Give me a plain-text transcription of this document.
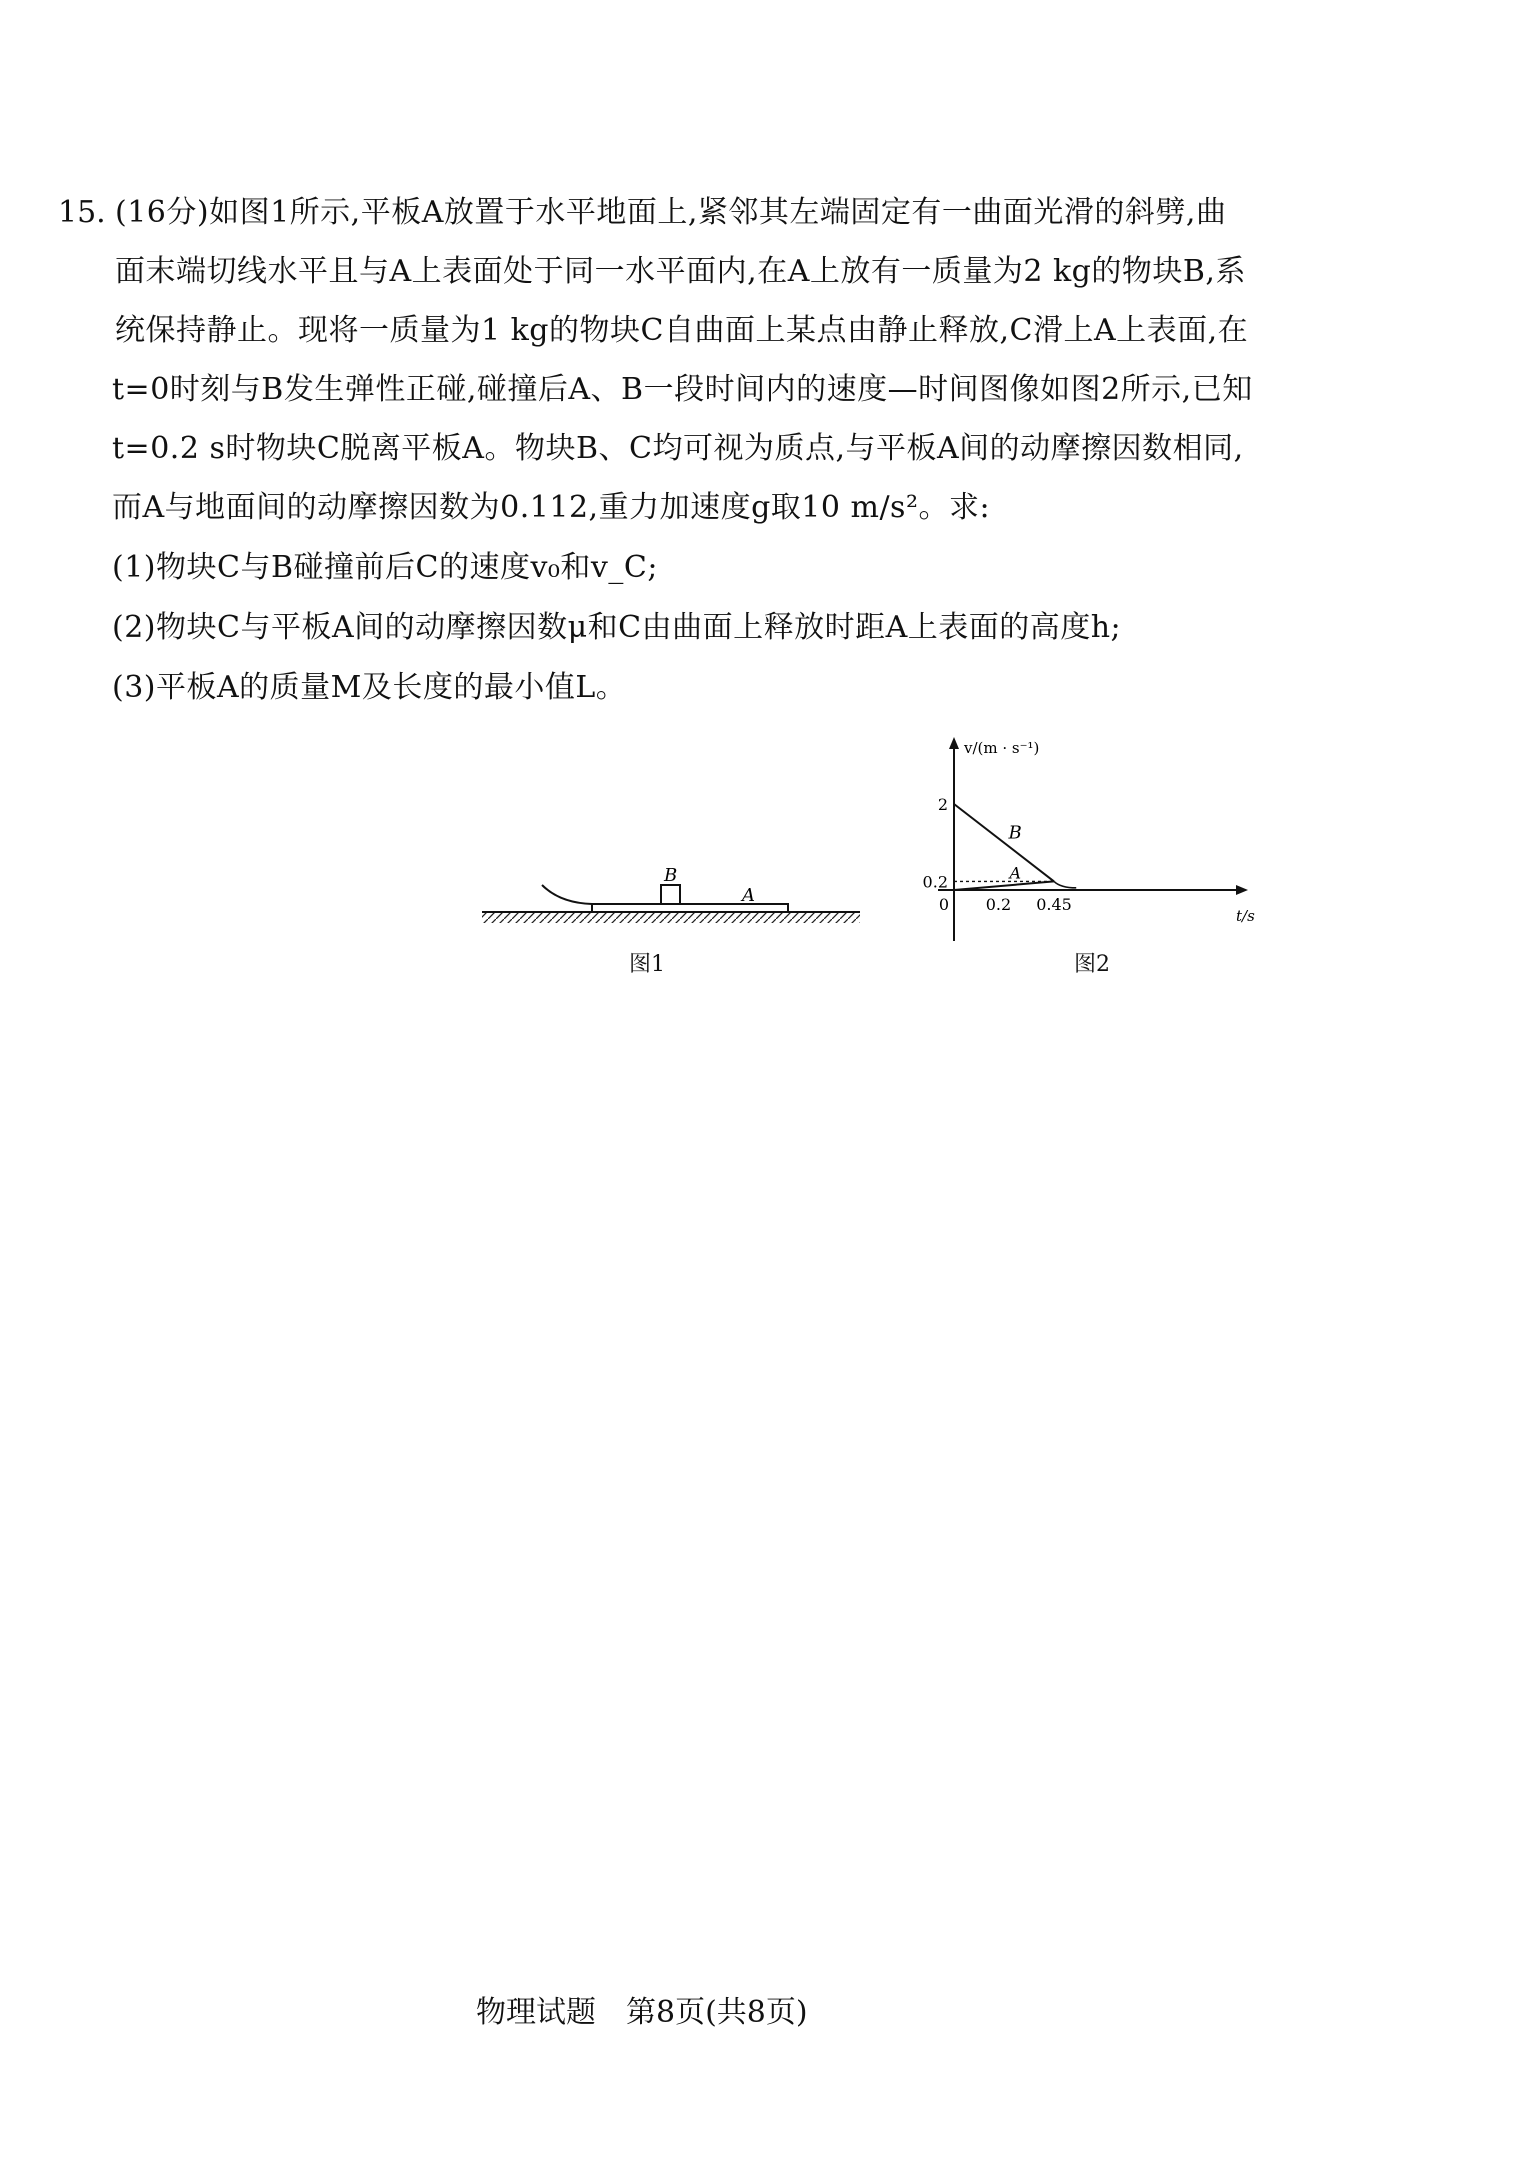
15. (16分)如图1所示,平板A放置于水平地面上,紧邻其左端固定有一曲面光滑的斜劈,曲
面末端切线水平且与A上表面处于同一水平面内,在A上放有一质量为2 kg的物块B,系
统保持静止。现将一质量为1 kg的物块C自曲面上某点由静止释放,C滑上A上表面,在
t=0时刻与B发生弹性正碰,碰撞后A、B一段时间内的速度—时间图像如图2所示,已知
t=0.2 s时物块C脱离平板A。物块B、C均可视为质点,与平板A间的动摩擦因数相同,
而A与地面间的动摩擦因数为0.112,重力加速度g取10 m/s²。求:
(1)物块C与B碰撞前后C的速度v₀和v_C;
(2)物块C与平板A间的动摩擦因数μ和C由曲面上释放时距A上表面的高度h;
(3)平板A的质量M及长度的最小值L。
B
A
图1
v/(m · s⁻¹)
t/s
B
A
2
0.2
0 0.2 0.45
图2
物理试题　第8页(共8页)
